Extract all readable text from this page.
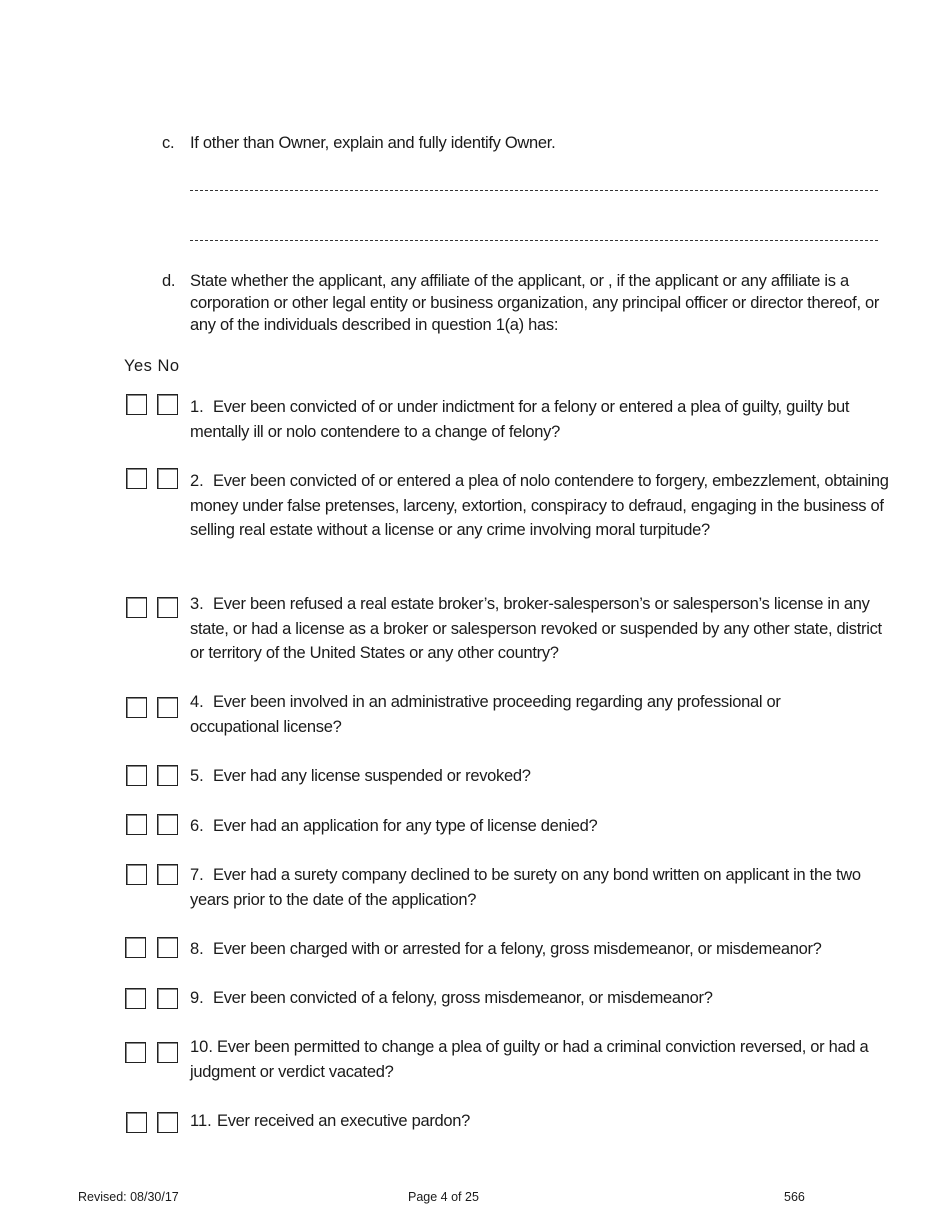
c. If other than Owner, explain and fully identify Owner.
d. State whether the applicant, any affiliate of the applicant, or , if the applicant or any affiliate is a corporation or other legal entity or business organization, any principal officer or director thereof, or any of the individuals described in question 1(a) has:
Yes No
1. Ever been convicted of or under indictment for a felony or entered a plea of guilty, guilty but mentally ill or nolo contendere to a change of felony?
2. Ever been convicted of or entered a plea of nolo contendere to forgery, embezzlement, obtaining money under false pretenses, larceny, extortion, conspiracy to defraud, engaging in the business of selling real estate without a license or any crime involving moral turpitude?
3. Ever been refused a real estate broker’s, broker-salesperson’s or salesperson’s license in any state, or had a license as a broker or salesperson revoked or suspended by any other state, district or territory of the United States or any other country?
4. Ever been involved in an administrative proceeding regarding any professional or occupational license?
5. Ever had any license suspended or revoked?
6. Ever had an application for any type of license denied?
7. Ever had a surety company declined to be surety on any bond written on applicant in the two years prior to the date of the application?
8. Ever been charged with or arrested for a felony, gross misdemeanor, or misdemeanor?
9. Ever been convicted of a felony, gross misdemeanor, or misdemeanor?
10. Ever been permitted to change a plea of guilty or had a criminal conviction reversed, or had a judgment or verdict vacated?
11. Ever received an executive pardon?
Revised: 08/30/17	Page 4 of 25	566
